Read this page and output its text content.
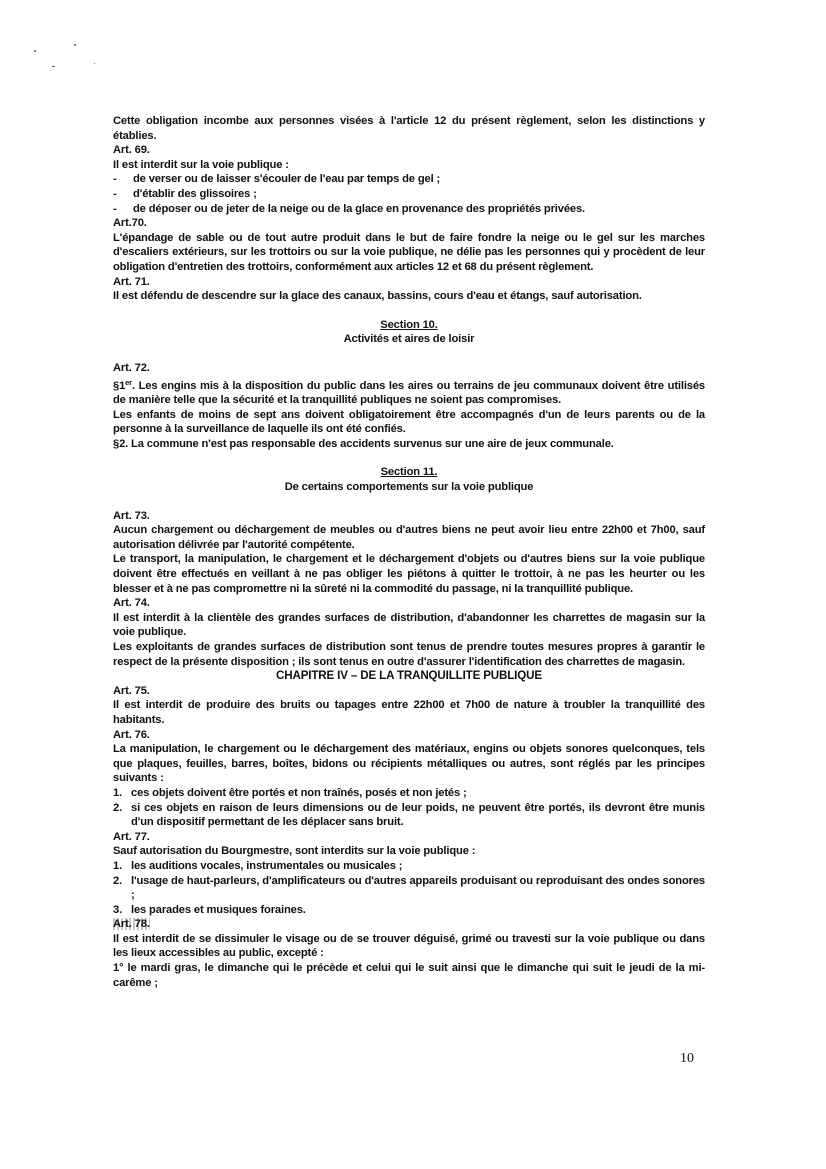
Cette obligation incombe aux personnes visées à l'article 12 du présent règlement, selon les distinctions y établies.

Art. 69.

Il est interdit sur la voie publique :

- de verser ou de laisser s'écouler de l'eau par temps de gel ;
- d'établir des glissoires ;
- de déposer ou de jeter de la neige ou de la glace en provenance des propriétés privées.

Art.70.

L'épandage de sable ou de tout autre produit dans le but de faire fondre la neige ou le gel sur les marches d'escaliers extérieurs, sur les trottoirs ou sur la voie publique, ne délie pas les personnes qui y procèdent de leur obligation d'entretien des trottoirs, conformément aux articles 12 et 68 du présent règlement.

Art. 71.

Il est défendu de descendre sur la glace des canaux, bassins, cours d'eau et étangs, sauf autorisation.

Section 10.

Activités et aires de loisir

Art. 72.

§1er. Les engins mis à la disposition du public dans les aires ou terrains de jeu communaux doivent être utilisés de manière telle que la sécurité et la tranquillité publiques ne soient pas compromises.

Les enfants de moins de sept ans doivent obligatoirement être accompagnés d'un de leurs parents ou de la personne à la surveillance de laquelle ils ont été confiés.

§2. La commune n'est pas responsable des accidents survenus sur une aire de jeux communale.

Section 11.

De certains comportements sur la voie publique

Art. 73.

Aucun chargement ou déchargement de meubles ou d'autres biens ne peut avoir lieu entre 22h00 et 7h00, sauf autorisation délivrée par l'autorité compétente.

Le transport, la manipulation, le chargement et le déchargement d'objets ou d'autres biens sur la voie publique doivent être effectués en veillant à ne pas obliger les piétons à quitter le trottoir, à ne pas les heurter ou les blesser et à ne pas compromettre ni la sûreté ni la commodité du passage, ni la tranquillité publique.

Art. 74.

Il est interdit à la clientèle des grandes surfaces de distribution, d'abandonner les charrettes de magasin sur la voie publique.

Les exploitants de grandes surfaces de distribution sont tenus de prendre toutes mesures propres à garantir le respect de la présente disposition ; ils sont tenus en outre d'assurer l'identification des charrettes de magasin.

CHAPITRE IV – DE LA TRANQUILLITE PUBLIQUE

Art. 75.

Il est interdit de produire des bruits ou tapages entre 22h00 et 7h00 de nature à troubler la tranquillité des habitants.

Art. 76.

La manipulation, le chargement ou le déchargement des matériaux, engins ou objets sonores quelconques, tels que plaques, feuilles, barres, boîtes, bidons ou récipients métalliques ou autres, sont réglés par les principes suivants :

1. ces objets doivent être portés et non traînés, posés et non jetés ;
2. si ces objets en raison de leurs dimensions ou de leur poids, ne peuvent être portés, ils devront être munis d'un dispositif permettant de les déplacer sans bruit.

Art. 77.

Sauf autorisation du Bourgmestre, sont interdits sur la voie publique :

1. les auditions vocales, instrumentales ou musicales ;
2. l'usage de haut-parleurs, d'amplificateurs ou d'autres appareils produisant ou reproduisant des ondes sonores ;
3. les parades et musiques foraines.

Art. 78.

Il est interdit de se dissimuler le visage ou de se trouver déguisé, grimé ou travesti sur la voie publique ou dans les lieux accessibles au public, excepté :

1° le mardi gras, le dimanche qui le précède et celui qui le suit ainsi que le dimanche qui suit le jeudi de la mi-carême ;

10
